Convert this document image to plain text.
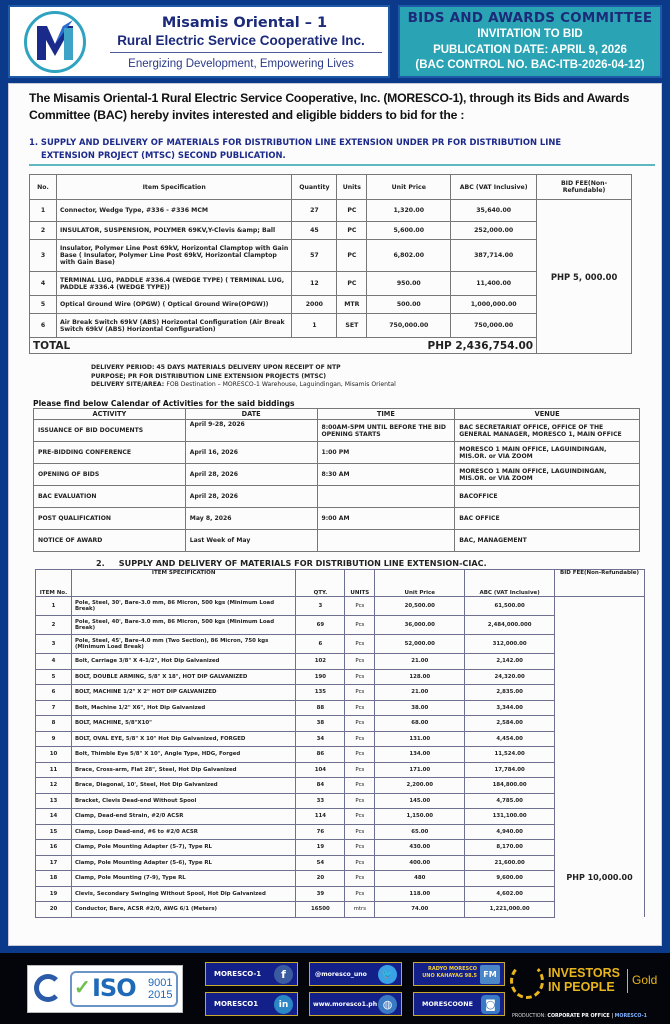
Misamis Oriental – 1
Rural Electric Service Cooperative Inc.
Energizing Development, Empowering Lives
BIDS AND AWARDS COMMITTEE
INVITATION TO BID
PUBLICATION DATE: APRIL 9, 2026
(BAC CONTROL NO. BAC-ITB-2026-04-12)
The Misamis Oriental-1 Rural Electric Service Cooperative, Inc. (MORESCO-1), through its Bids and Awards Committee (BAC) hereby invites interested and eligible bidders to bid for the :
1. SUPPLY AND DELIVERY OF MATERIALS FOR DISTRIBUTION LINE EXTENSION UNDER PR FOR DISTRIBUTION LINE
EXTENSION PROJECT (MTSC) SECOND PUBLICATION.
No.	Item Specification	Quantity	Units	Unit Price	ABC (VAT Inclusive)	BID FEE(Non-Refundable)
1	Connector, Wedge Type, #336 - #336 MCM	27	PC	1,320.00	35,640.00	PHP 5, 000.00
2	INSULATOR, SUSPENSION, POLYMER 69KV,Y-Clevis &amp; Ball	45	PC	5,600.00	252,000.00	
3	Insulator, Polymer Line Post 69kV, Horizontal Clamptop with Gain Base ( Insulator, Polymer Line Post 69kV, Horizontal Clamptop with Gain Base)	57	PC	6,802.00	387,714.00	
4	TERMINAL LUG, PADDLE #336.4 (WEDGE TYPE) ( TERMINAL LUG, PADDLE #336.4 (WEDGE TYPE))	12	PC	950.00	11,400.00	
5	Optical Ground Wire (OPGW) ( Optical Ground Wire(OPGW))	2000	MTR	500.00	1,000,000.00	
6	Air Break Switch 69kV (ABS) Horizontal Configuration (Air Break Switch 69kV (ABS) Horizontal Configuration)	1	SET	750,000.00	750,000.00	
TOTAL			PHP 2,436,754.00			
DELIVERY PERIOD: 45 DAYS MATERIALS DELIVERY UPON RECEIPT OF NTP
PURPOSE; PR FOR DISTRIBUTION LINE EXTENSION PROJECTS (MTSC)
DELIVERY SITE/AREA: FOB Destination – MORESCO-1 Warehouse, Laguindingan, Misamis Oriental
Please find below Calendar of Activities for the said biddings
ACTIVITY	DATE	TIME	VENUE
ISSUANCE OF BID DOCUMENTS	April 9-28, 2026	8:00AM-5PM UNTIL BEFORE THE BID OPENING STARTS	BAC SECRETARIAT OFFICE, OFFICE OF THE GENERAL MANAGER, MORESCO 1, MAIN OFFICE
PRE-BIDDING CONFERENCE	April 16, 2026	1:00 PM	MORESCO 1 MAIN OFFICE, LAGUINDINGAN, MIS.OR. or VIA ZOOM
OPENING OF BIDS	April 28, 2026	8:30 AM	MORESCO 1 MAIN OFFICE, LAGUINDINGAN, MIS.OR. or VIA ZOOM
BAC EVALUATION	April 28, 2026		BACOFFICE
POST QUALIFICATION	May 8, 2026	9:00 AM	BAC OFFICE
NOTICE OF AWARD	Last Week of May		BAC, MANAGEMENT
2.     SUPPLY AND DELIVERY OF MATERIALS FOR DISTRIBUTION LINE EXTENSION-CIAC.
ITEM No.	ITEM SPECIFICATION	QTY.	UNITS	Unit Price	ABC (VAT Inclusive)	BID FEE(Non-Refundable)
1	Pole, Steel, 30', Bare-3.0 mm, 86 Micron, 500 kgs (Minimum Load Break)	3	Pcs	20,500.00	61,500.00	PHP 10,000.00
2	Pole, Steel, 40', Bare-3.0 mm, 86 Micron, 500 kgs (Minimum Load Break)	69	Pcs	36,000.00	2,484,000.000	
3	Pole, Steel, 45', Bare-4.0 mm (Two Section), 86 Micron, 750 kgs (Minimum Load Break)	6	Pcs	52,000.00	312,000.00	
4	Bolt, Carriage 3/8" X 4-1/2", Hot Dip Galvanized	102	Pcs	21.00	2,142.00	
5	BOLT, DOUBLE ARMING, 5/8" X 18", HOT DIP GALVANIZED	190	Pcs	128.00	24,320.00	
6	BOLT, MACHINE 1/2" X 2" HOT DIP GALVANIZED	135	Pcs	21.00	2,835.00	
7	Bolt, Machine 1/2" X6", Hot Dip Galvanized	88	Pcs	38.00	3,344.00	
8	BOLT, MACHINE, 5/8"X10"	38	Pcs	68.00	2,584.00	
9	BOLT, OVAL EYE, 5/8" X 10" Hot Dip Galvanized, FORGED	34	Pcs	131.00	4,454.00	
10	Bolt, Thimble Eye 5/8" X 10", Angle Type, HDG, Forged	86	Pcs	134.00	11,524.00	
11	Brace, Cross-arm, Flat 28", Steel, Hot Dip Galvanized	104	Pcs	171.00	17,784.00	
12	Brace, Diagonal, 10', Steel, Hot Dip Galvanized	84	Pcs	2,200.00	184,800.00	
13	Bracket, Clevis Dead-end Without Spool	33	Pcs	145.00	4,785.00	
14	Clamp, Dead-end Strain, #2/0 ACSR	114	Pcs	1,150.00	131,100.00	
15	Clamp, Loop Dead-end, #6 to #2/0 ACSR	76	Pcs	65.00	4,940.00	
16	Clamp, Pole Mounting Adapter (5-7), Type RL	19	Pcs	430.00	8,170.00	
17	Clamp, Pole Mounting Adapter (5-6), Type RL	54	Pcs	400.00	21,600.00	
18	Clamp, Pole Mounting (7-9), Type RL	20	Pcs	480	9,600.00	
19	Clevis, Secondary Swinging Without Spool, Hot Dip Galvanized	39	Pcs	118.00	4,602.00	
20	Conductor, Bare, ACSR #2/0, AWG 6/1 (Meters)	16500	mtrs	74.00	1,221,000.00	
✓ ISO 9001
2015
MORESCO-1	f
MORESCO1	in
@moresco_uno	🐦
www.moresco1.ph ◍
RADYO MORESCO UNO KAHAYAG 98.5 FM
MORESCOONE	◙
INVESTORS
IN PEOPLE	Gold
PRODUCTION: CORPORATE PR OFFICE | MORESCO-1
